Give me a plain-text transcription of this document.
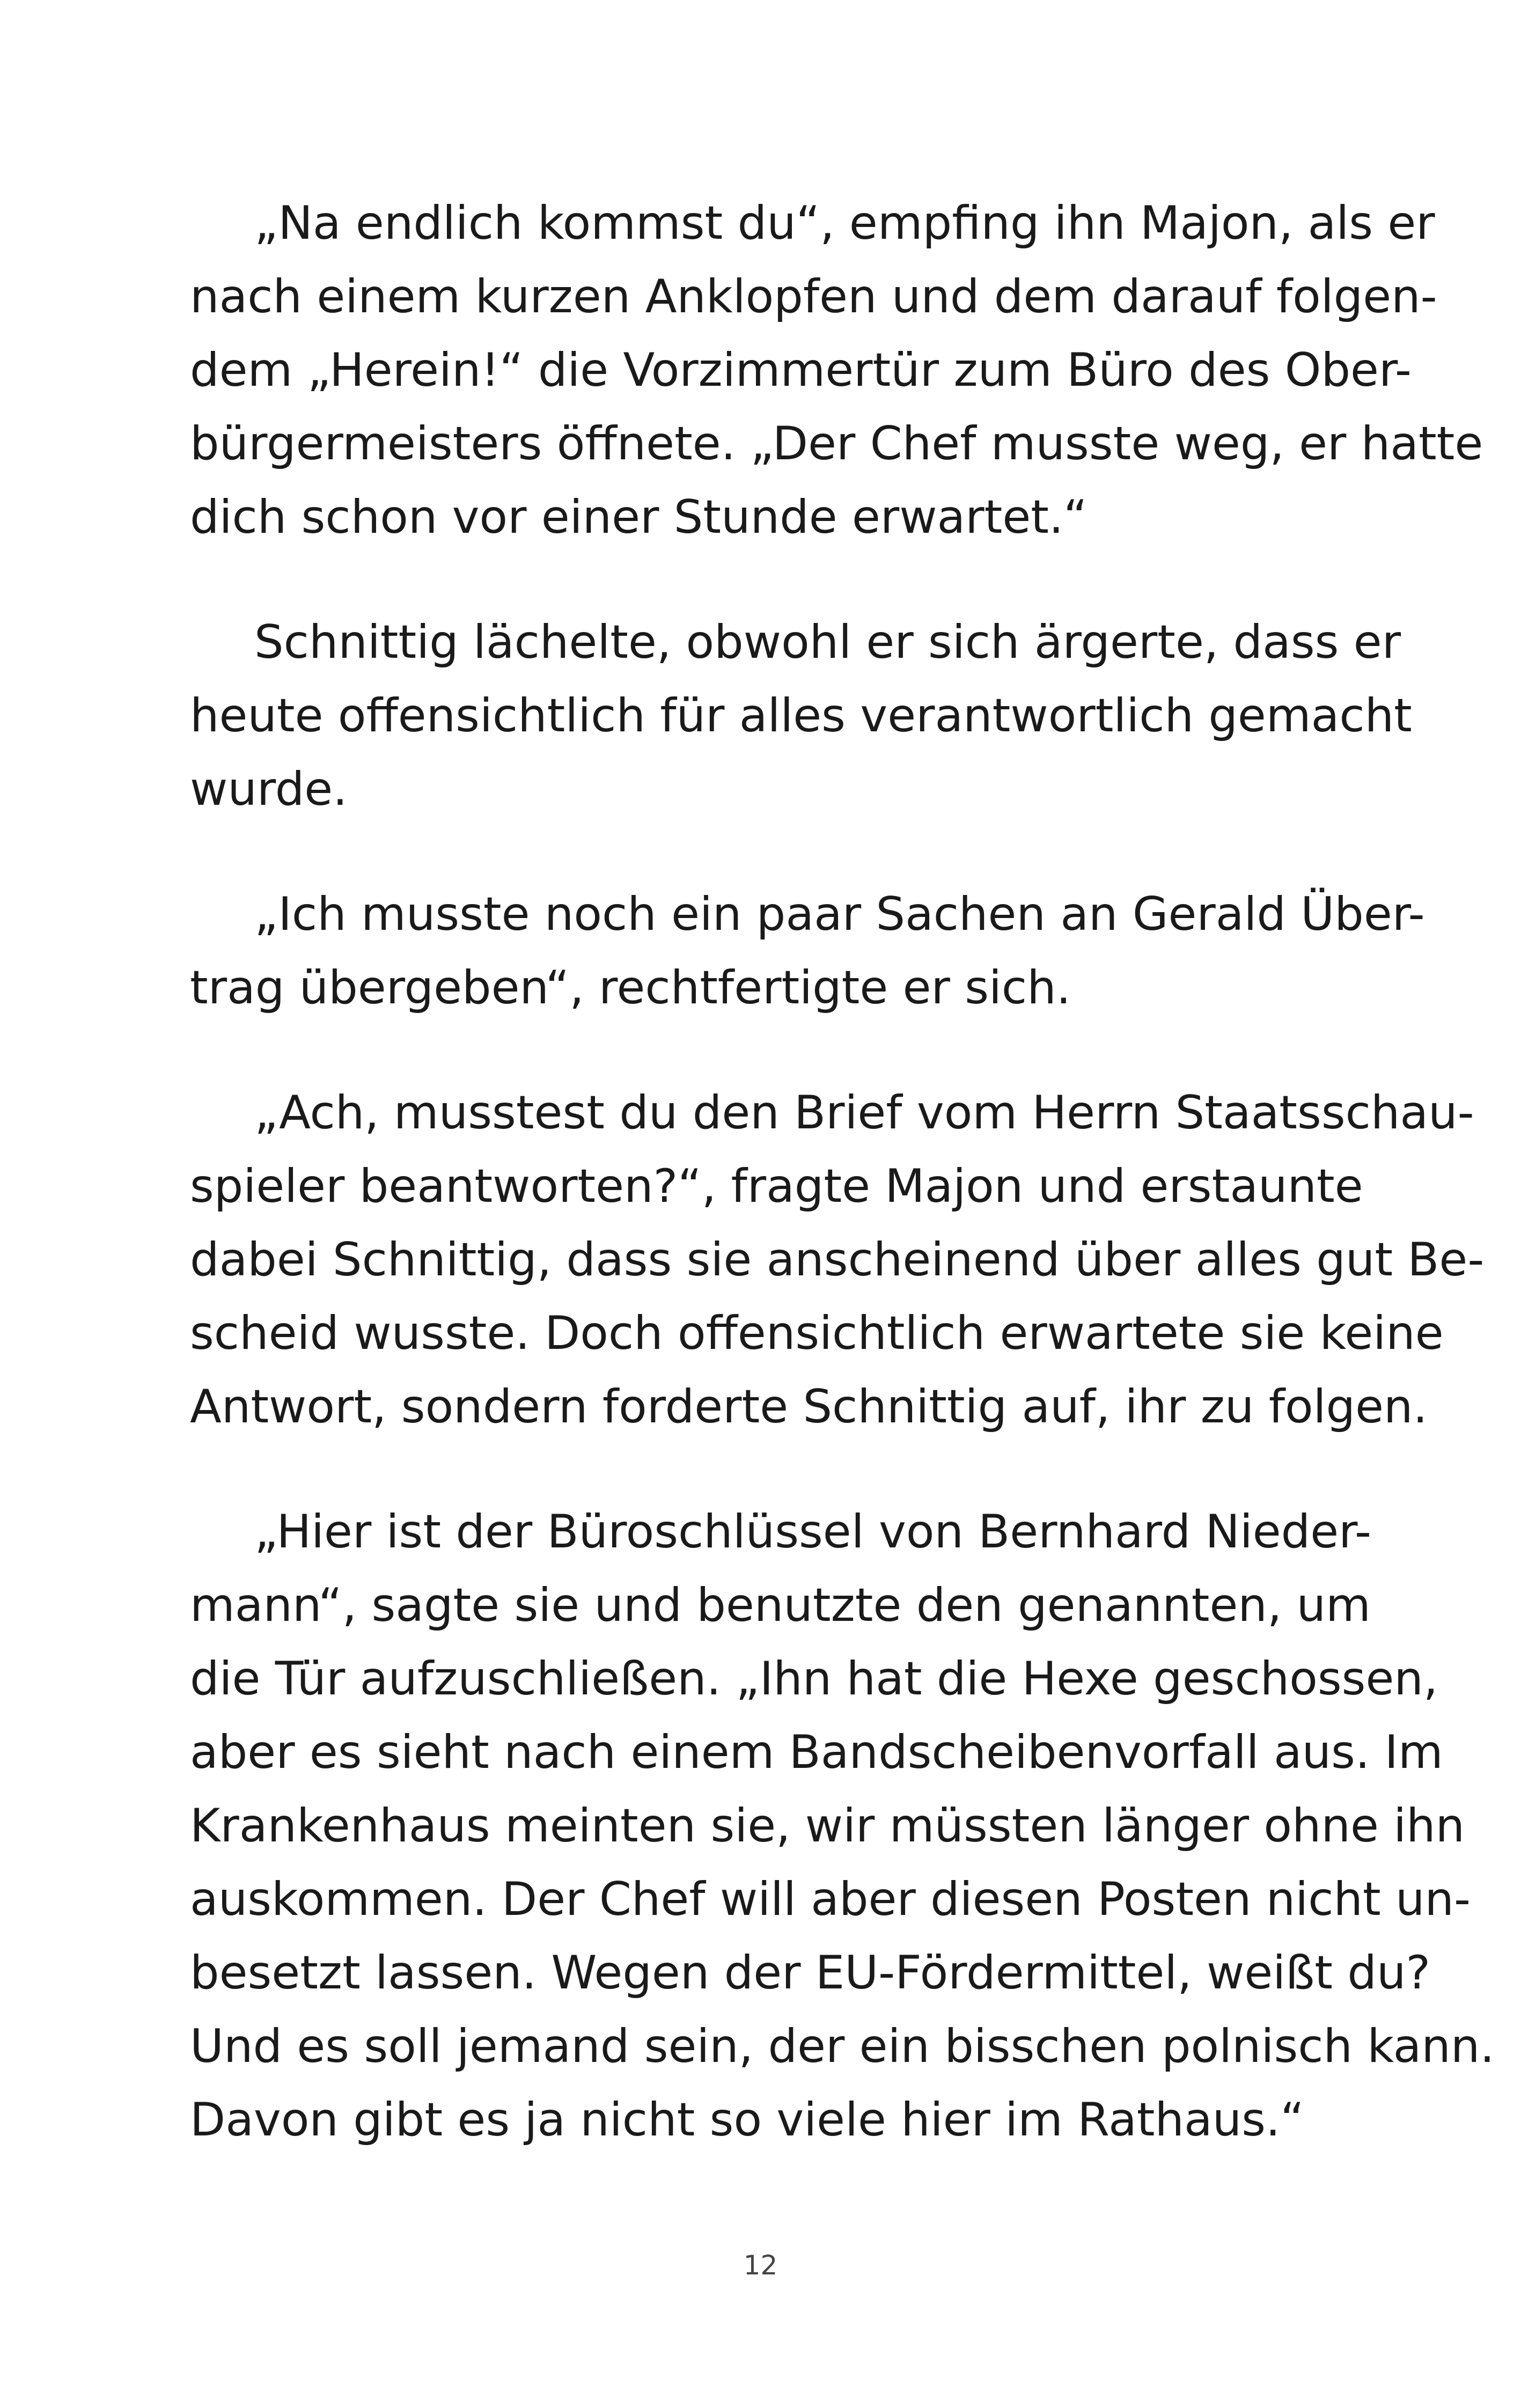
„Na endlich kommst du“, empfing ihn Majon, als er
nach einem kurzen Anklopfen und dem darauf folgen-
dem „Herein!“ die Vorzimmertür zum Büro des Ober-
bürgermeisters öffnete. „Der Chef musste weg, er hatte
dich schon vor einer Stunde erwartet.“
Schnittig lächelte, obwohl er sich ärgerte, dass er
heute offensichtlich für alles verantwortlich gemacht
wurde.
„Ich musste noch ein paar Sachen an Gerald Über-
trag übergeben“, rechtfertigte er sich.
„Ach, musstest du den Brief vom Herrn Staatsschau-
spieler beantworten?“, fragte Majon und erstaunte
dabei Schnittig, dass sie anscheinend über alles gut Be-
scheid wusste. Doch offensichtlich erwartete sie keine
Antwort, sondern forderte Schnittig auf, ihr zu folgen.
„Hier ist der Büroschlüssel von Bernhard Nieder-
mann“, sagte sie und benutzte den genannten, um
die Tür aufzuschließen. „Ihn hat die Hexe geschossen,
aber es sieht nach einem Bandscheibenvorfall aus. Im
Krankenhaus meinten sie, wir müssten länger ohne ihn
auskommen. Der Chef will aber diesen Posten nicht un-
besetzt lassen. Wegen der EU-Fördermittel, weißt du?
Und es soll jemand sein, der ein bisschen polnisch kann.
Davon gibt es ja nicht so viele hier im Rathaus.“
12
